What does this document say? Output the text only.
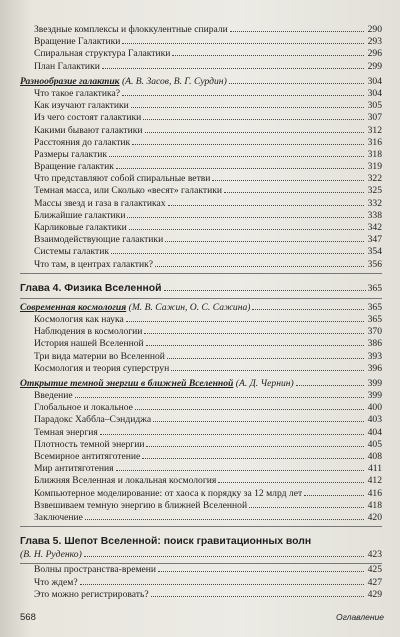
Звездные комплексы и флоккулентные спирали	290
Вращение Галактики	293
Спиральная структура Галактики	296
План Галактики	299
Разнообразие галактик (А. В. Засов, В. Г. Сурдин)	304
Что такое галактика?	304
Как изучают галактики	305
Из чего состоят галактики	307
Какими бывают галактики	312
Расстояния до галактик	316
Размеры галактик	318
Вращение галактик	319
Что представляют собой спиральные ветви	322
Темная масса, или Сколько «весят» галактики	325
Массы звезд и газа в галактиках	332
Ближайшие галактики	338
Карликовые галактики	342
Взаимодействующие галактики	347
Системы галактик	354
Что там, в центрах галактик?	356
Глава 4. Физика Вселенной	365
Современная космология (М. В. Сажин, О. С. Сажина)	365
Космология как наука	365
Наблюдения в космологии	370
История нашей Вселенной	386
Три вида материи во Вселенной	393
Космология и теория суперструн	396
Открытие темной энергии в ближней Вселенной (А. Д. Чернин)	399
Введение	399
Глобальное и локальное	400
Парадокс Хаббла–Сэндиджа	403
Темная энергия	404
Плотность темной энергии	405
Всемирное антитяготение	408
Мир антитяготения	411
Ближняя Вселенная и локальная космология	412
Компьютерное моделирование: от хаоса к порядку за 12 млрд лет	416
Взвешиваем темную энергию в ближней Вселенной	418
Заключение	420
Глава 5. Шепот Вселенной: поиск гравитационных волн
(В. Н. Руденко)	423
Волны пространства-времени	425
Что ждем?	427
Это можно регистрировать?	429
568	Оглавление
